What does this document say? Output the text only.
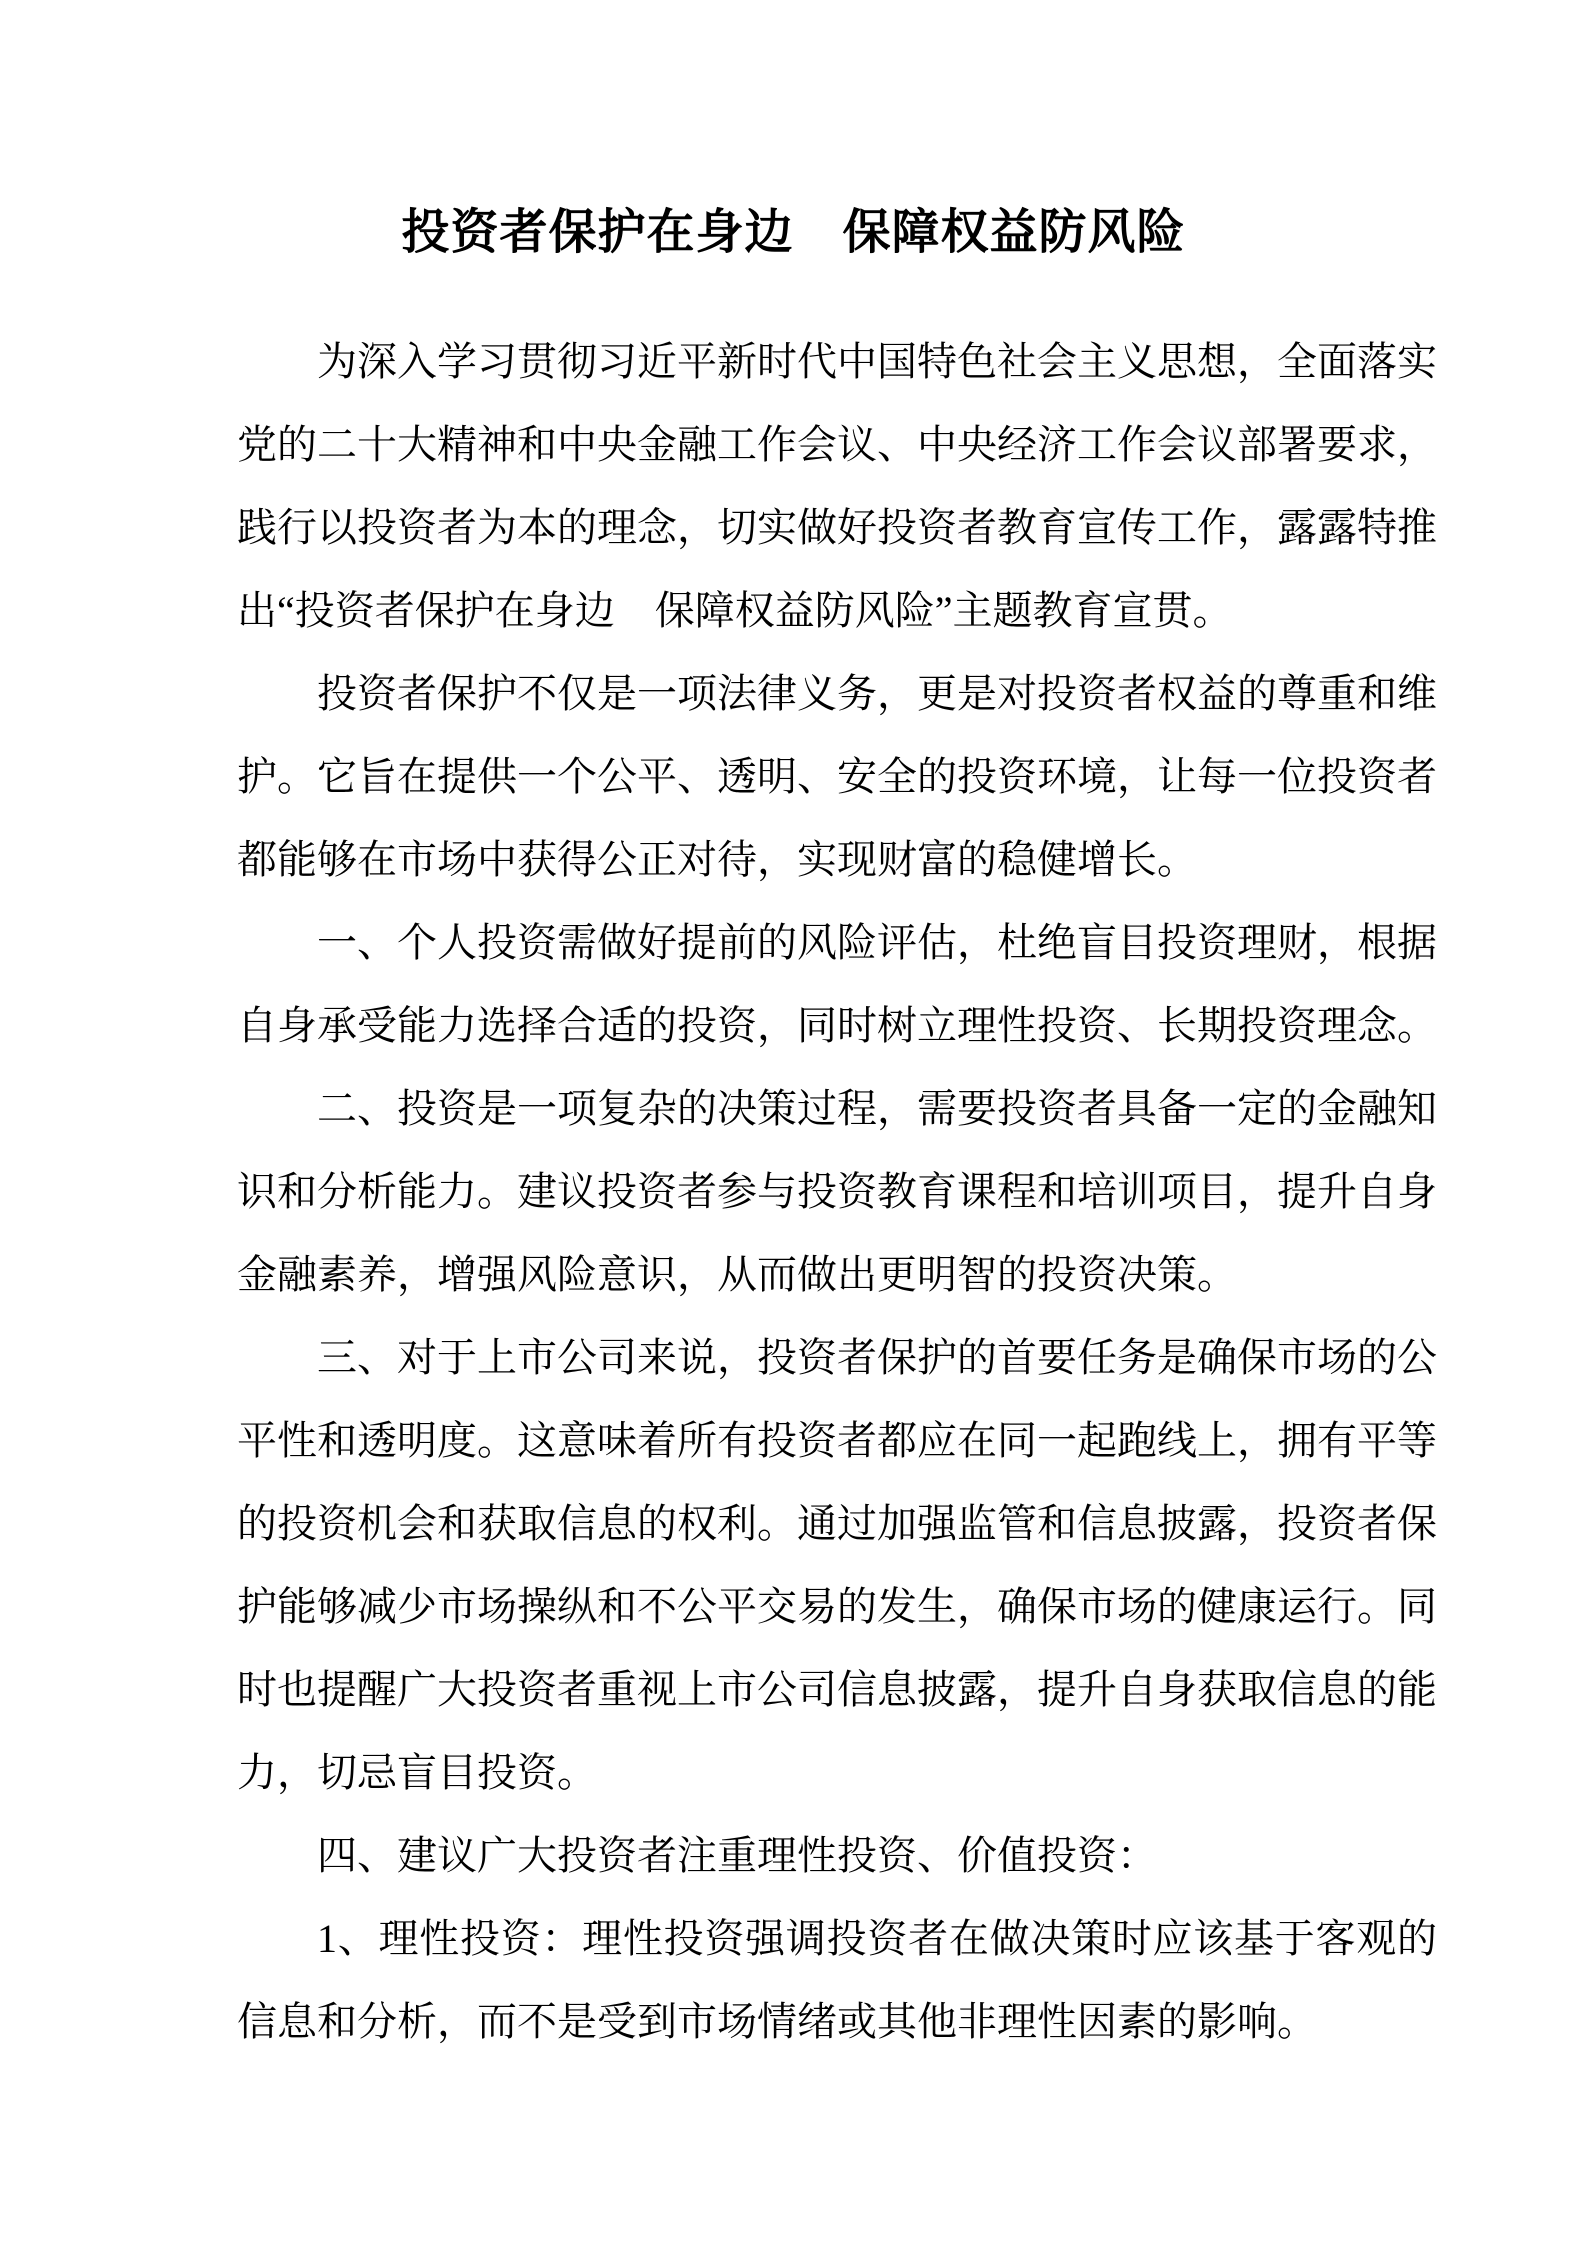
投资者保护在身边　保障权益防风险

为深入学习贯彻习近平新时代中国特色社会主义思想，全面落实
党的二十大精神和中央金融工作会议、中央经济工作会议部署要求，
践行以投资者为本的理念，切实做好投资者教育宣传工作，露露特推
出“投资者保护在身边　保障权益防风险”主题教育宣贯。

投资者保护不仅是一项法律义务，更是对投资者权益的尊重和维
护。它旨在提供一个公平、透明、安全的投资环境，让每一位投资者
都能够在市场中获得公正对待，实现财富的稳健增长。

一、个人投资需做好提前的风险评估，杜绝盲目投资理财，根据
自身承受能力选择合适的投资，同时树立理性投资、长期投资理念。

二、投资是一项复杂的决策过程，需要投资者具备一定的金融知
识和分析能力。建议投资者参与投资教育课程和培训项目，提升自身
金融素养，增强风险意识，从而做出更明智的投资决策。

三、对于上市公司来说，投资者保护的首要任务是确保市场的公
平性和透明度。这意味着所有投资者都应在同一起跑线上，拥有平等
的投资机会和获取信息的权利。通过加强监管和信息披露，投资者保
护能够减少市场操纵和不公平交易的发生，确保市场的健康运行。同
时也提醒广大投资者重视上市公司信息披露，提升自身获取信息的能
力，切忌盲目投资。

四、建议广大投资者注重理性投资、价值投资：

1、理性投资：理性投资强调投资者在做决策时应该基于客观的
信息和分析，而不是受到市场情绪或其他非理性因素的影响。
